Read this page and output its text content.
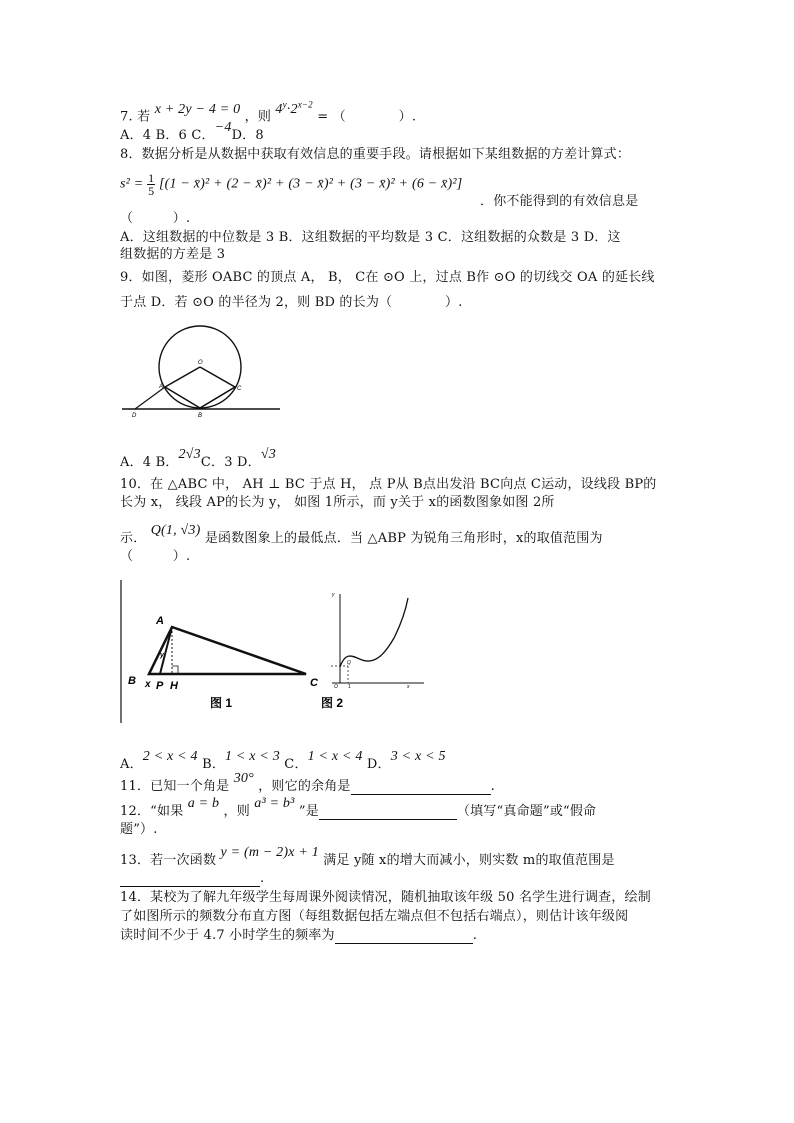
7. 若 x + 2y − 4 = 0 ，则 $4^y\cdot 2^{x-2}$ = （　　　　）.
A．4 B．6 C．−4D．8
8．数据分析是从数据中获取有效信息的重要手段。请根据如下某组数据的方差计算式：
$s^2 = \frac{1}{5} [(1$ − x̄)² + (2 − x̄)² + (3 − x̄)² + (3 − x̄)² + (6 − x̄)²]
．你不能得到的有效信息是
（　　　）.
A．这组数据的中位数是 3 B．这组数据的平均数是 3 C．这组数据的众数是 3 D．这
组数据的方差是 3
9．如图，菱形 OABC 的顶点 A， B， C在 ⊙O 上，过点 B作 ⊙O 的切线交 OA 的延长线
于点 D．若 ⊙O 的半径为 2，则 BD 的长为（　　　　）.
O
A	C
B
D
A．4 B．2√3C．3 D．√3
10．在 △ABC 中， AH ⊥ BC 于点 H， 点 P从 B点出发沿 BC向点 C运动，设线段 BP的
长为 x， 线段 AP的长为 y， 如图 1所示，而 y关于 x的函数图象如图 2所
示． Q(1, √3) 是函数图象上的最低点．当 △ABP 为锐角三角形时，x的取值范围为
（　　　）.
A
B x P H	C
y
图 1
y
Q
O 1	x
图 2
A．2 < x < 4 B．1 < x < 3 C．1 < x < 4 D．3 < x < 5
11．已知一个角是 30° ，则它的余角是	.
12．“如果 a = b ，则 a³ = b³ ”是	（填写“真命题”或“假命
题”）.
13．若一次函数 y = (m − 2)x + 1 满足 y随 x的增大而减小，则实数 m的取值范围是
.
14．某校为了解九年级学生每周课外阅读情况，随机抽取该年级 50 名学生进行调查，绘制
了如图所示的频数分布直方图（每组数据包括左端点但不包括右端点），则估计该年级阅
读时间不少于 4.7 小时学生的频率为	.
